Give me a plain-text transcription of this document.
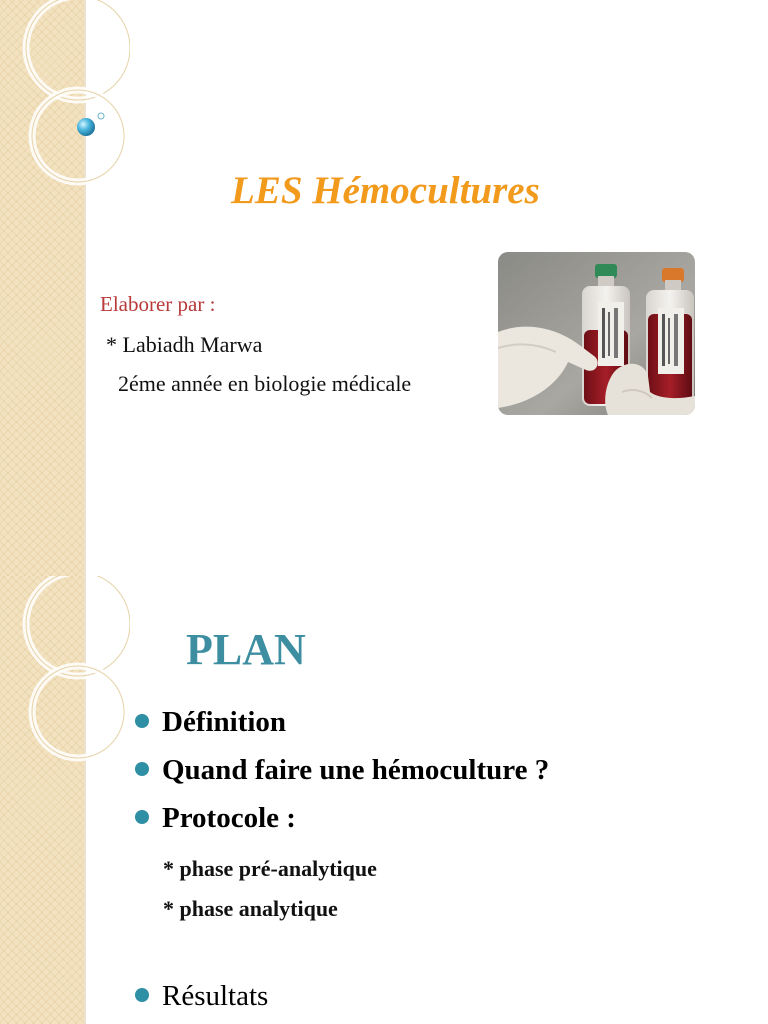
LES Hémocultures
Elaborer par :
* Labiadh Marwa
2éme année en biologie médicale
PLAN
Définition
Quand faire une hémoculture ?
Protocole :
* phase pré-analytique
* phase analytique
Résultats
